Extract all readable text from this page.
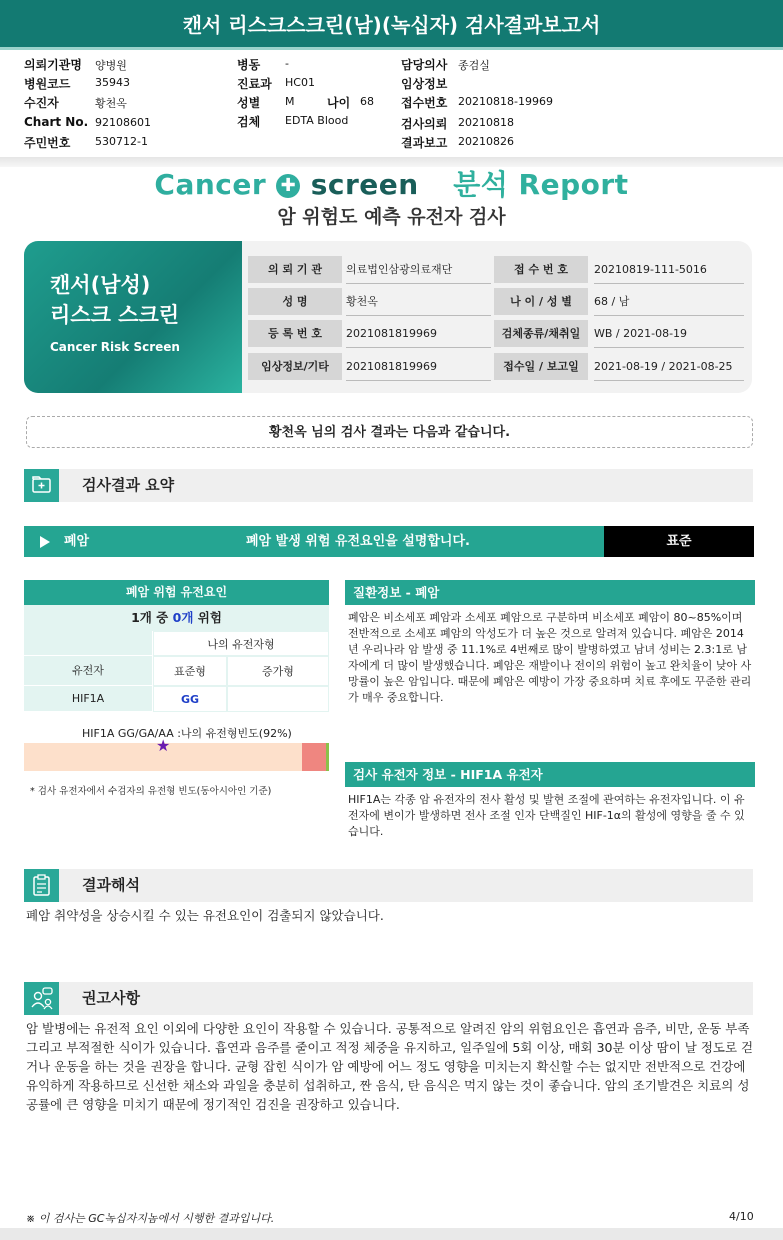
캔서 리스크스크린(남)(녹십자) 검사결과보고서
의뢰기관명 양병원
병원코드 35943
수진자	황천옥
Chart No. 92108601
주민번호 530712-1
병동 -
진료과 HC01
성별 M	나이 68
검체 EDTA Blood
담당의사 종검실
임상정보
접수번호 20210818-19969
검사의뢰 20210818
결과보고 20210826
Cancer ✚ screen 분석 Report
암 위험도 예측 유전자 검사
캔서(남성)
리스크 스크린
Cancer Risk Screen
의 뢰 기 관	의료법인삼광의료재단	접 수 번 호	20210819-111-5016
성 명	황천옥	나 이 / 성 별	68 / 남
등 록 번 호	2021081819969	검체종류/채취일	WB / 2021-08-19
임상정보/기타	2021081819969	접수일 / 보고일	2021-08-19 / 2021-08-25
황천옥 님의 검사 결과는 다음과 같습니다.
검사결과 요약
폐암	폐암 발생 위험 유전요인을 설명합니다.	표준
폐암 위험 유전요인
1개 중 0개 위험
나의 유전자형
유전자	표준형	증가형
HIF1A	GG
HIF1A GG/GA/AA :나의 유전형빈도(92%)
★
* 검사 유전자에서 수검자의 유전형 빈도(동아시아인 기준)
질환정보 - 폐암
폐암은 비소세포 폐암과 소세포 폐암으로 구분하며 비소세포 폐암이 80~85%이며 전반적으로 소세포 폐암의 악성도가 더 높은 것으로 알려져 있습니다. 폐암은 2014년 우리나라 암 발생 중 11.1%로 4번째로 많이 발병하였고 남녀 성비는 2.3:1로 남자에게 더 많이 발생했습니다. 폐암은 재발이나 전이의 위험이 높고 완치율이 낮아 사망률이 높은 암입니다. 때문에 폐암은 예방이 가장 중요하며 치료 후에도 꾸준한 관리가 매우 중요합니다.
검사 유전자 정보 - HIF1A 유전자
HIF1A는 각종 암 유전자의 전사 활성 및 발현 조절에 관여하는 유전자입니다. 이 유전자에 변이가 발생하면 전사 조절 인자 단백질인 HIF-1α의 활성에 영향을 줄 수 있습니다.
결과해석
폐암 취약성을 상승시킬 수 있는 유전요인이 검출되지 않았습니다.
권고사항
암 발병에는 유전적 요인 이외에 다양한 요인이 작용할 수 있습니다. 공통적으로 알려진 암의 위험요인은 흡연과 음주, 비만, 운동 부족 그리고 부적절한 식이가 있습니다. 흡연과 음주를 줄이고 적정 체중을 유지하고, 일주일에 5회 이상, 매회 30분 이상 땀이 날 정도로 걷거나 운동을 하는 것을 권장을 합니다. 균형 잡힌 식이가 암 예방에 어느 정도 영향을 미치는지 확신할 수는 없지만 전반적으로 건강에 유익하게 작용하므로 신선한 채소와 과일을 충분히 섭취하고, 짠 음식, 탄 음식은 먹지 않는 것이 좋습니다. 암의 조기발견은 치료의 성공률에 큰 영향을 미치기 때문에 정기적인 검진을 권장하고 있습니다.
※ 이 검사는 GC녹십자지놈에서 시행한 결과입니다.	4/10
